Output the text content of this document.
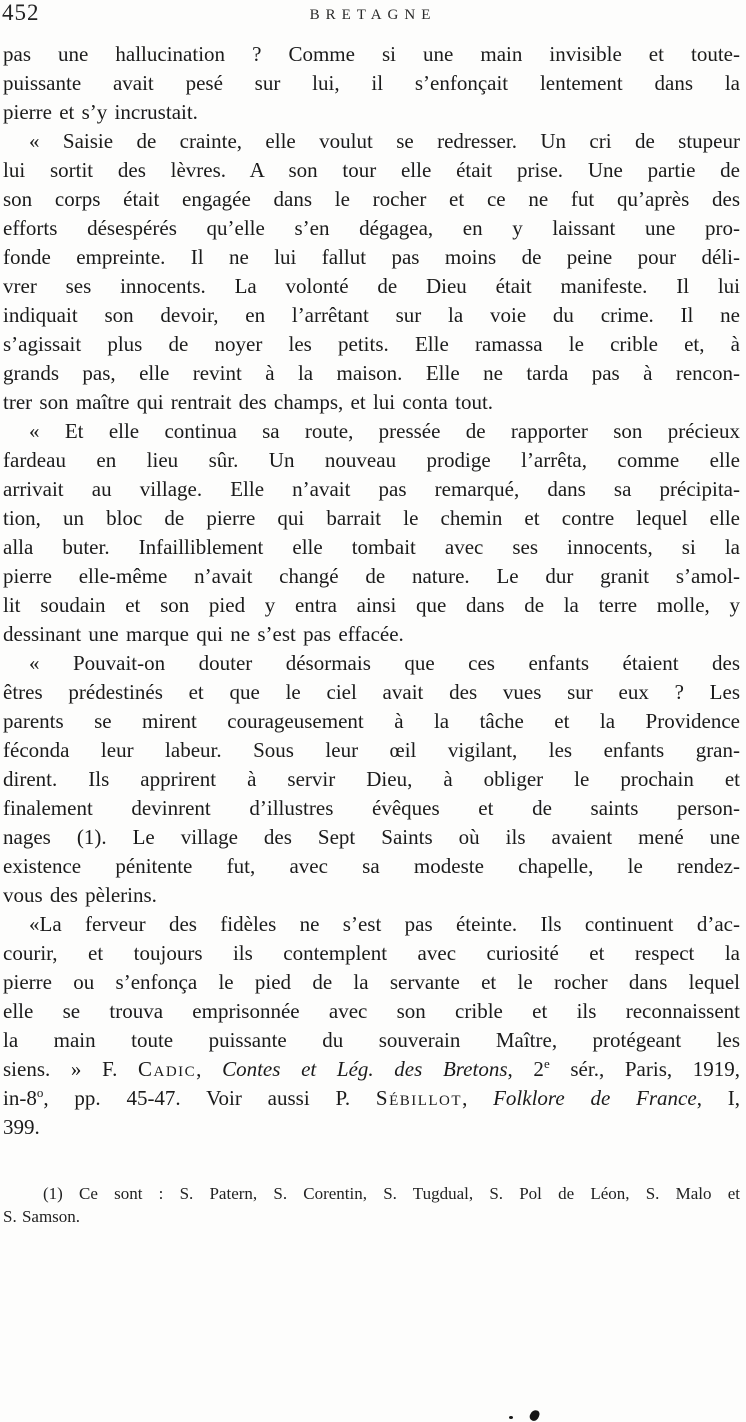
452	BRETAGNE
pas une hallucination ? Comme si une main invisible et toute-
puissante avait pesé sur lui, il s’enfonçait lentement dans la
pierre et s’y incrustait.
« Saisie de crainte, elle voulut se redresser. Un cri de stupeur
lui sortit des lèvres. A son tour elle était prise. Une partie de
son corps était engagée dans le rocher et ce ne fut qu’après des
efforts désespérés qu’elle s’en dégagea, en y laissant une pro-
fonde empreinte. Il ne lui fallut pas moins de peine pour déli-
vrer ses innocents. La volonté de Dieu était manifeste. Il lui
indiquait son devoir, en l’arrêtant sur la voie du crime. Il ne
s’agissait plus de noyer les petits. Elle ramassa le crible et, à
grands pas, elle revint à la maison. Elle ne tarda pas à rencon-
trer son maître qui rentrait des champs, et lui conta tout.
« Et elle continua sa route, pressée de rapporter son précieux
fardeau en lieu sûr. Un nouveau prodige l’arrêta, comme elle
arrivait au village. Elle n’avait pas remarqué, dans sa précipita-
tion, un bloc de pierre qui barrait le chemin et contre lequel elle
alla buter. Infailliblement elle tombait avec ses innocents, si la
pierre elle-même n’avait changé de nature. Le dur granit s’amol-
lit soudain et son pied y entra ainsi que dans de la terre molle, y
dessinant une marque qui ne s’est pas effacée.
« Pouvait-on douter désormais que ces enfants étaient des
êtres prédestinés et que le ciel avait des vues sur eux ? Les
parents se mirent courageusement à la tâche et la Providence
féconda leur labeur. Sous leur œil vigilant, les enfants gran-
dirent. Ils apprirent à servir Dieu, à obliger le prochain et
finalement devinrent d’illustres évêques et de saints person-
nages (1). Le village des Sept Saints où ils avaient mené une
existence pénitente fut, avec sa modeste chapelle, le rendez-
vous des pèlerins.
«La ferveur des fidèles ne s’est pas éteinte. Ils continuent d’ac-
courir, et toujours ils contemplent avec curiosité et respect la
pierre ou s’enfonça le pied de la servante et le rocher dans lequel
elle se trouva emprisonnée avec son crible et ils reconnaissent
la main toute puissante du souverain Maître, protégeant les
siens. » F. Cadic, Contes et Lég. des Bretons, 2e sér., Paris, 1919,
in-8$^o$, pp. 45-47. Voir aussi P. Sébillot, Folklore de France, I,
399.
(1) Ce sont : S. Patern, S. Corentin, S. Tugdual, S. Pol de Léon, S. Malo et
S. Samson.
